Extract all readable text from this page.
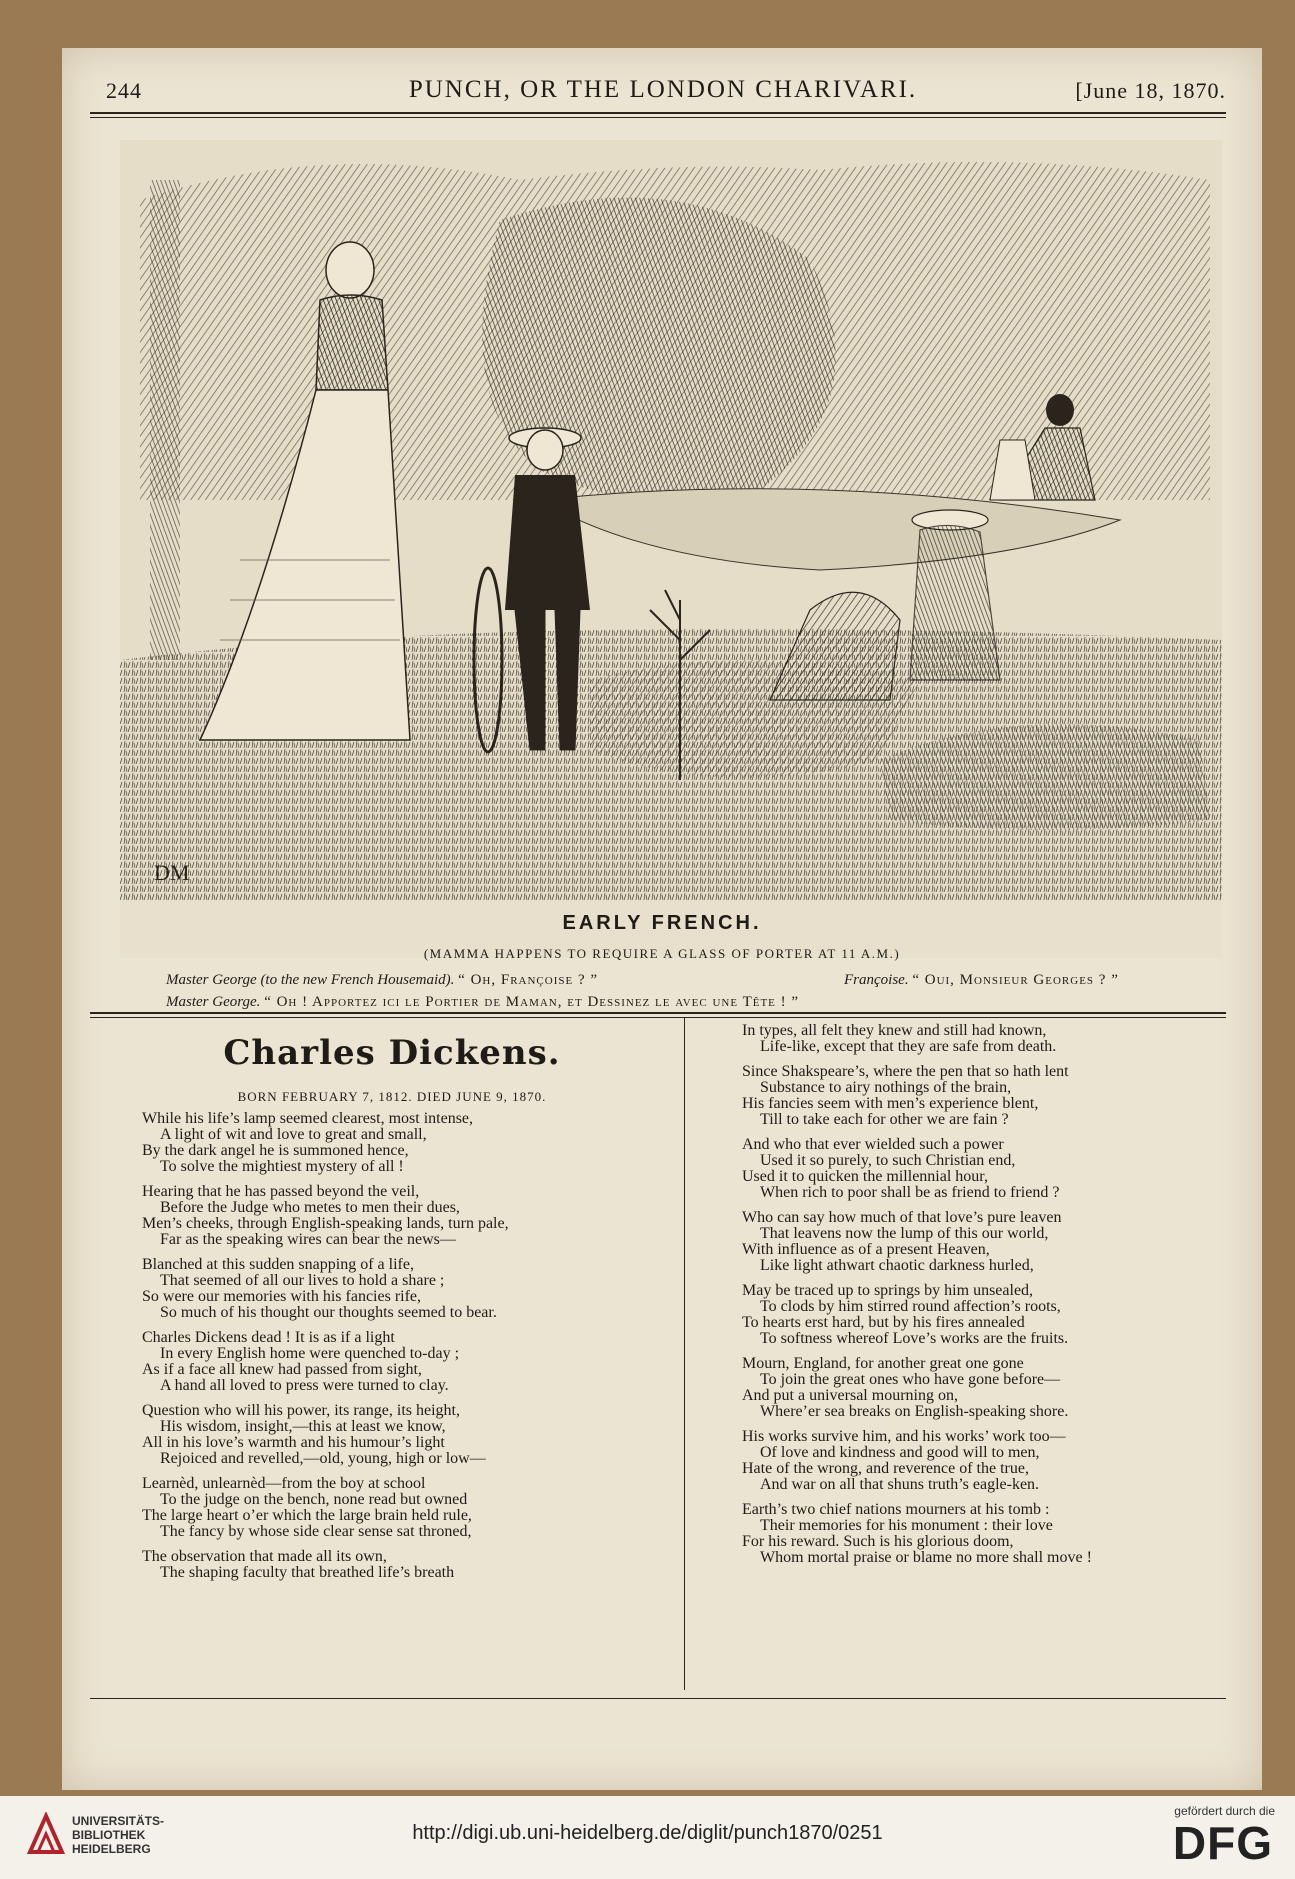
244	PUNCH, OR THE LONDON CHARIVARI.	[June 18, 1870.
DM
EARLY FRENCH.
(MAMMA HAPPENS TO REQUIRE A GLASS OF PORTER AT 11 A.M.)
Master George (to the new French Housemaid). “ Oh, Françoise ? ”	Françoise. “ Oui, Monsieur Georges ? ”
Master George. “ Oh ! Apportez ici le Portier de Maman, et Dessinez le avec une Tête ! ”
Charles Dickens.
BORN FEBRUARY 7, 1812. DIED JUNE 9, 1870.
While his life’s lamp seemed clearest, most intense,
A light of wit and love to great and small,
By the dark angel he is summoned hence,
To solve the mightiest mystery of all !
Hearing that he has passed beyond the veil,
Before the Judge who metes to men their dues,
Men’s cheeks, through English-speaking lands, turn pale,
Far as the speaking wires can bear the news—
Blanched at this sudden snapping of a life,
That seemed of all our lives to hold a share ;
So were our memories with his fancies rife,
So much of his thought our thoughts seemed to bear.
Charles Dickens dead ! It is as if a light
In every English home were quenched to-day ;
As if a face all knew had passed from sight,
A hand all loved to press were turned to clay.
Question who will his power, its range, its height,
His wisdom, insight,—this at least we know,
All in his love’s warmth and his humour’s light
Rejoiced and revelled,—old, young, high or low—
Learnèd, unlearnèd—from the boy at school
To the judge on the bench, none read but owned
The large heart o’er which the large brain held rule,
The fancy by whose side clear sense sat throned,
The observation that made all its own,
The shaping faculty that breathed life’s breath
In types, all felt they knew and still had known,
Life-like, except that they are safe from death.
Since Shakspeare’s, where the pen that so hath lent
Substance to airy nothings of the brain,
His fancies seem with men’s experience blent,
Till to take each for other we are fain ?
And who that ever wielded such a power
Used it so purely, to such Christian end,
Used it to quicken the millennial hour,
When rich to poor shall be as friend to friend ?
Who can say how much of that love’s pure leaven
That leavens now the lump of this our world,
With influence as of a present Heaven,
Like light athwart chaotic darkness hurled,
May be traced up to springs by him unsealed,
To clods by him stirred round affection’s roots,
To hearts erst hard, but by his fires annealed
To softness whereof Love’s works are the fruits.
Mourn, England, for another great one gone
To join the great ones who have gone before—
And put a universal mourning on,
Where’er sea breaks on English-speaking shore.
His works survive him, and his works’ work too—
Of love and kindness and good will to men,
Hate of the wrong, and reverence of the true,
And war on all that shuns truth’s eagle-ken.
Earth’s two chief nations mourners at his tomb :
Their memories for his monument : their love
For his reward. Such is his glorious doom,
Whom mortal praise or blame no more shall move !
UNIVERSITÄTS-
BIBLIOTHEK
HEIDELBERG
http://digi.ub.uni-heidelberg.de/diglit/punch1870/0251
gefördert durch die
DFG
